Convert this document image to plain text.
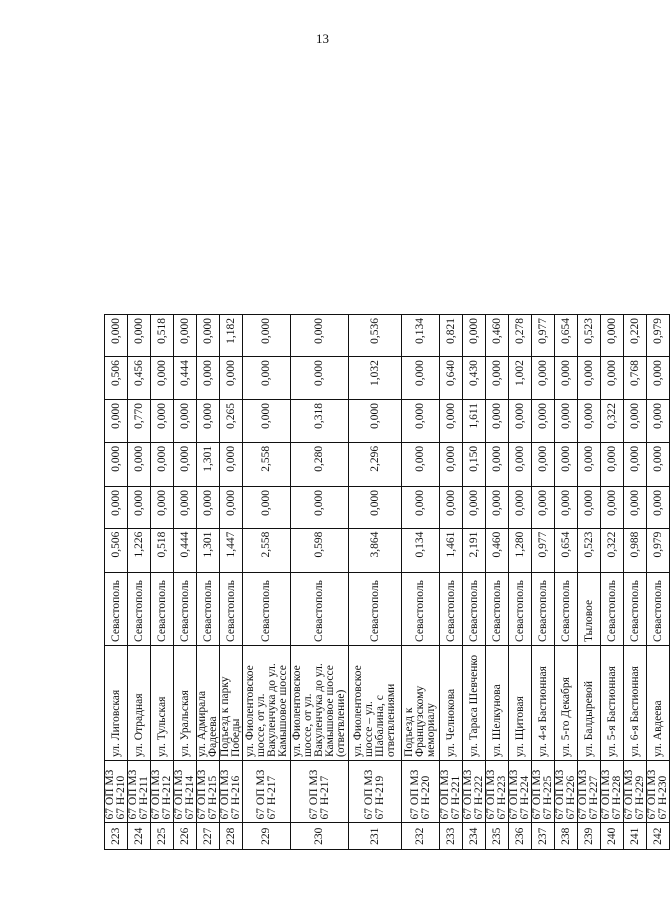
13
223	67 ОП МЗ 67 Н-210	ул. Лиговская	Севастополь	0,506	0,000	0,000	0,000	0,506	0,000
224	67 ОП МЗ 67 Н-211	ул. Отрадная	Севастополь	1,226	0,000	0,000	0,770	0,456	0,000
225	67 ОП МЗ 67 Н-212	ул. Тульская	Севастополь	0,518	0,000	0,000	0,000	0,000	0,518
226	67 ОП МЗ 67 Н-214	ул. Уральская	Севастополь	0,444	0,000	0,000	0,000	0,444	0,000
227	67 ОП МЗ 67 Н-215	ул. Адмирала Фадеева	Севастополь	1,301	0,000	1,301	0,000	0,000	0,000
228	67 ОП МЗ 67 Н-216	Подъезд к парку Победы	Севастополь	1,447	0,000	0,000	0,265	0,000	1,182
229	67 ОП МЗ 67 Н-217	ул. Фиолентовское шоссе, от ул. Вакуленчука до ул. Камышовое шоссе	Севастополь	2,558	0,000	2,558	0,000	0,000	0,000
230	67 ОП МЗ 67 Н-217	ул. Фиолентовское шоссе, от ул. Вакуленчука до ул. Камышовое шоссе (ответвление)	Севастополь	0,598	0,000	0,280	0,318	0,000	0,000
231	67 ОП МЗ 67 Н-219	ул. Фиолентовское шоссе – ул. Шабалина, с ответвлениями	Севастополь	3,864	0,000	2,296	0,000	1,032	0,536
232	67 ОП МЗ 67 Н-220	Подъезд к Французскому мемориалу	Севастополь	0,134	0,000	0,000	0,000	0,000	0,134
233	67 ОП МЗ 67 Н-221	ул. Челнокова	Севастополь	1,461	0,000	0,000	0,000	0,640	0,821
234	67 ОП МЗ 67 Н-222	ул. Тараса Шевченко	Севастополь	2,191	0,000	0,150	1,611	0,430	0,000
235	67 ОП МЗ 67 Н-223	ул. Шелкунова	Севастополь	0,460	0,000	0,000	0,000	0,000	0,460
236	67 ОП МЗ 67 Н-224	ул. Щитовая	Севастополь	1,280	0,000	0,000	0,000	1,002	0,278
237	67 ОП МЗ 67 Н-225	ул. 4-я Бастионная	Севастополь	0,977	0,000	0,000	0,000	0,000	0,977
238	67 ОП МЗ 67 Н-226	ул. 5-го Декабря	Севастополь	0,654	0,000	0,000	0,000	0,000	0,654
239	67 ОП МЗ 67 Н-227	ул. Балдыревой	Тыловое	0,523	0,000	0,000	0,000	0,000	0,523
240	67 ОП МЗ 67 Н-228	ул. 5-я Бастионная	Севастополь	0,322	0,000	0,000	0,322	0,000	0,000
241	67 ОП МЗ 67 Н-229	ул. 6-я Бастионная	Севастополь	0,988	0,000	0,000	0,000	0,768	0,220
242	67 ОП МЗ 67 Н-230	ул. Авдеева	Севастополь	0,979	0,000	0,000	0,000	0,000	0,979
